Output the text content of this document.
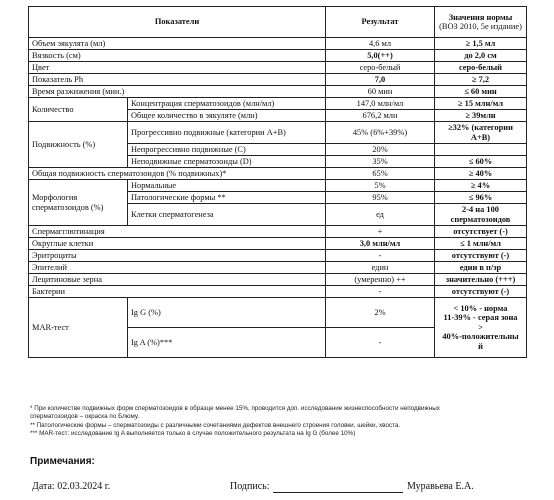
Показатели		Результат	Значения нормы
(ВОЗ 2010, 5е издание)

Объем эякулята (мл)		4,6 мл	≥ 1,5 мл
Вязкость (см)		5,0(++)	до 2,0 см
Цвет		серо-белый	серо-белый
Показатель Ph		7,0	≥ 7,2
Время разжижения (мин.)		60 мин	≤ 60 мин
Количество	Концентрация сперматозоидов (млн/мл)	147,0 млн/мл	≥ 15 млн/мл
	Общее количество в эякуляте (млн)	676,2 млн	≥ 39млн
Подвижность (%)	Прогрессивно подвижные (категории A+B)	45% (6%+39%)	≥32% (категории A+B)
	Непрогрессивно подвижные (C)	20%	
	Неподвижные сперматозоиды (D)	35%	≤ 60%
Общая подвижность сперматозоидов (% подвижных)*		65%	≥ 40%
Морфология сперматозоидов (%)	Нормальные	5%	≥ 4%
	Патологические формы **	95%	≤ 96%
	Клетки сперматогенеза	ед	2-4 на 100 сперматозоидов
Спермагглютинация		+	отсутствует (-)
Округлые клетки		3,0 млн/мл	≤ 1 млн/мл
Эритроциты		-	отсутствуют (-)
Эпителий		един	едии в п/зр
Лецитиновые зерна		(умеренно) ++	значительно (+++)
Бактерии		-	отсутствуют (-)
MAR-тест	Ig G (%)	2%	< 10% - норма
11-39% - серая зона
>
40%-положительны
й

	Ig A (%)***	-	
* При количестве подвижных форм сперматозоидов в образце менее 15%, проводится доп. исследование жизнеспособности неподвижных
сперматозоидов – окраска по Блюму.
** Патологические формы – сперматозоиды с различными сочетаниями дефектов внешнего строения головки, шейки, хвоста.
*** MAR-тест: исследование Ig A выполняется только в случае положительного результата на Ig G (более 10%)
Примечания:
Дата: 02.03.2024 г.	Подпись:	Муравьева Е.А.
